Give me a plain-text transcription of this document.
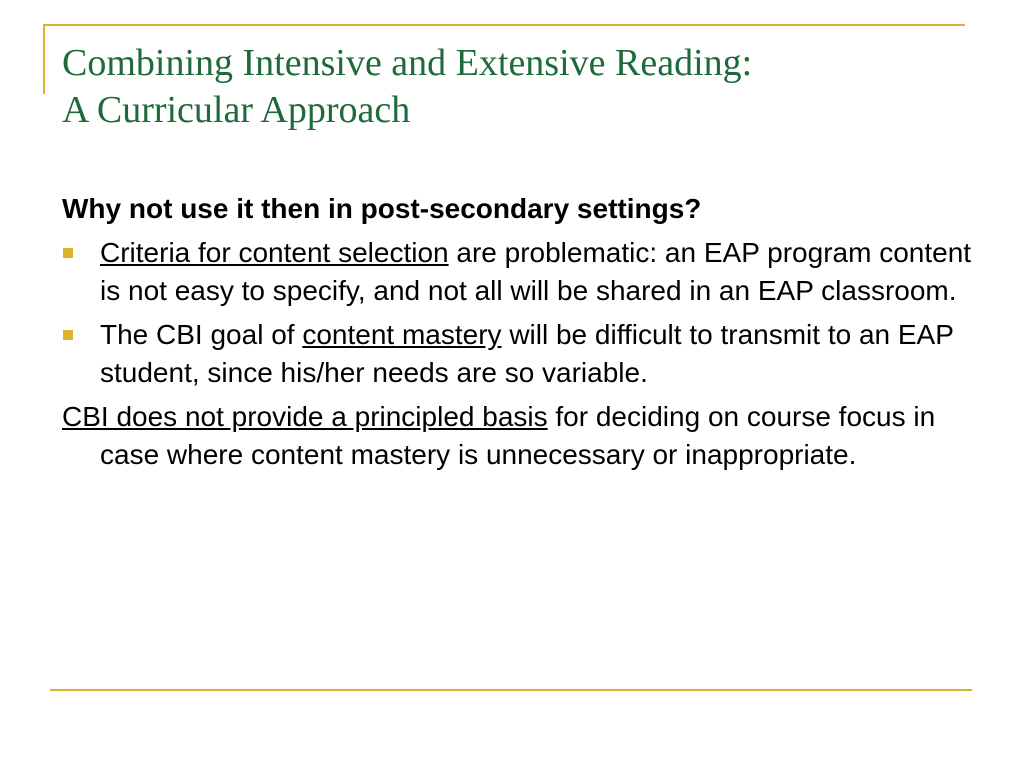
Combining Intensive and Extensive Reading:
A Curricular Approach

Why not use it then in post-secondary settings?

Criteria for content selection are problematic: an EAP program content is not easy to specify, and not all will be shared in an EAP classroom.
The CBI goal of content mastery will be difficult to transmit to an EAP student, since his/her needs are so variable.

CBI does not provide a principled basis for deciding on course focus in case where content mastery is unnecessary or inappropriate.
